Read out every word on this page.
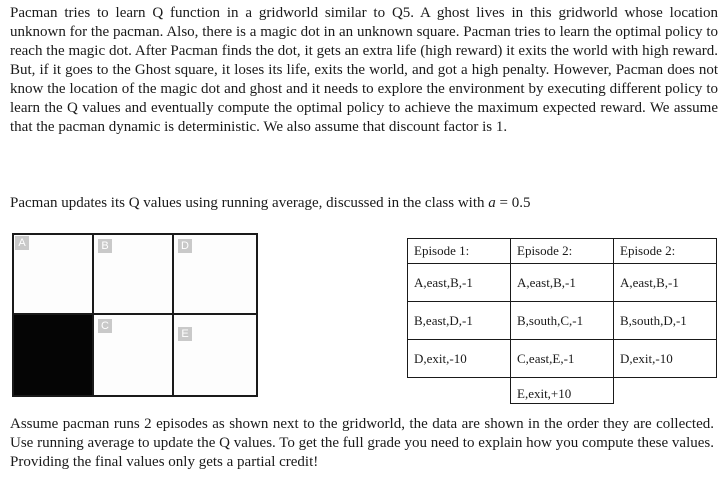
Pacman tries to learn Q function in a gridworld similar to Q5. A ghost lives in this gridworld whose location unknown for the pacman. Also, there is a magic dot in an unknown square. Pacman tries to learn the optimal policy to reach the magic dot. After Pacman finds the dot, it gets an extra life (high reward) it exits the world with high reward. But, if it goes to the Ghost square, it loses its life, exits the world, and got a high penalty. However, Pacman does not know the location of the magic dot and ghost and it needs to explore the environment by executing different policy to learn the Q values and eventually compute the optimal policy to achieve the maximum expected reward. We assume that the pacman dynamic is deterministic. We also assume that discount factor is 1.

Pacman updates its Q values using running average, discussed in the class with a = 0.5

A	B	D
C
E
Episode 1:	Episode 2:	Episode 2:
A,east,B,-1	A,east,B,-1	A,east,B,-1
B,east,D,-1	B,south,C,-1	B,south,D,-1
D,exit,-10	C,east,E,-1	D,exit,-10
	E,exit,+10	

Assume pacman runs 2 episodes as shown next to the gridworld, the data are shown in the order they are collected. Use running average to update the Q values. To get the full grade you need to explain how you compute these values. Providing the final values only gets a partial credit!
